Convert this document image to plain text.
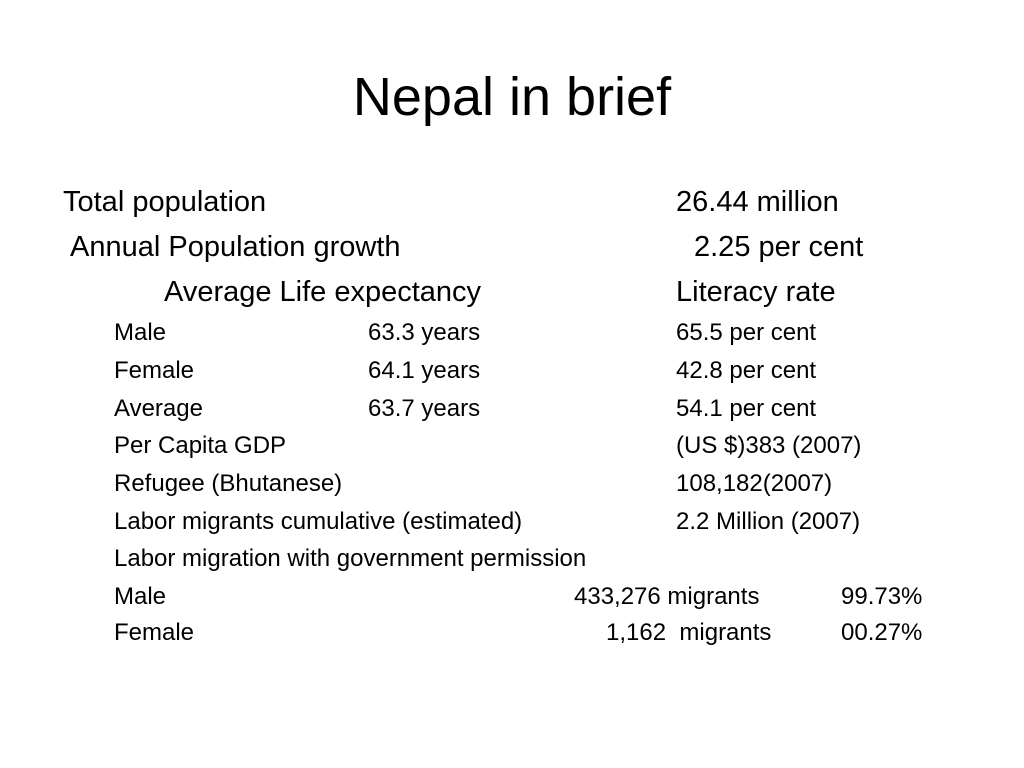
Nepal in brief
Total population	26.44 million
Annual Population growth	2.25 per cent
Average Life expectancy	Literacy rate
Male	63.3 years	65.5 per cent
Female	64.1 years	42.8 per cent
Average	63.7 years	54.1 per cent
Per Capita GDP	(US $)383 (2007)
Refugee (Bhutanese)	108,182(2007)
Labor migrants cumulative (estimated)	2.2 Million (2007)
Labor migration with government permission
Male	433,276 migrants	99.73%
Female	1,162  migrants	00.27%
